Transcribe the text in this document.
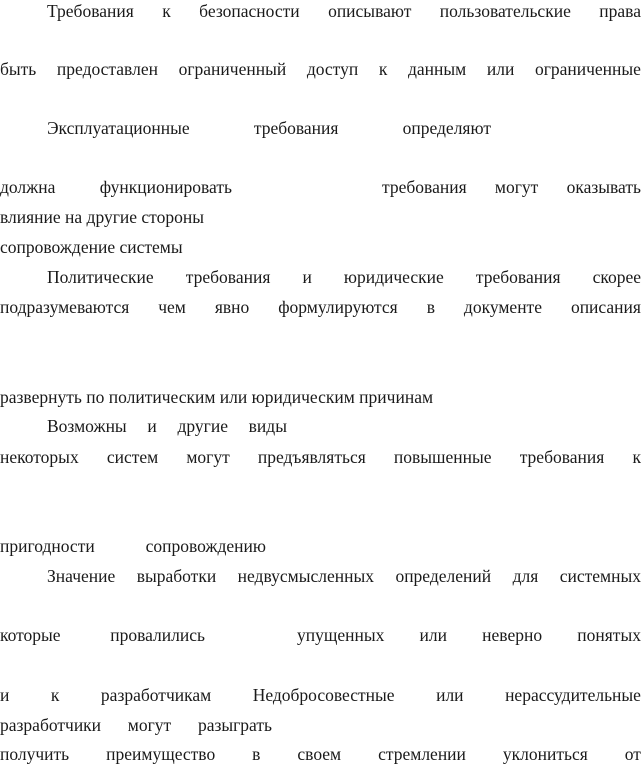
Требования к безопасности описывают пользовательские права
быть предоставлен ограниченный доступ к данным или ограниченные
Эксплуатационные	требования	определяют
должна	функционировать	требования могут оказывать
влияние на другие стороны
сопровождение системы
Политические требования и юридические требования скорее
подразумеваются чем явно формулируются в документе описания
развернуть по политическим или юридическим причинам
Возможны и другие виды
некоторых систем могут предъявляться повышенные требования к
пригодности	сопровождению
Значение выработки недвусмысленных определений для системных
которые	провалились	упущенных или неверно понятых
и к разработчикам Недобросовестные или нерассудительные
разработчики могут разыграть
получить преимущество в своем стремлении уклониться от
